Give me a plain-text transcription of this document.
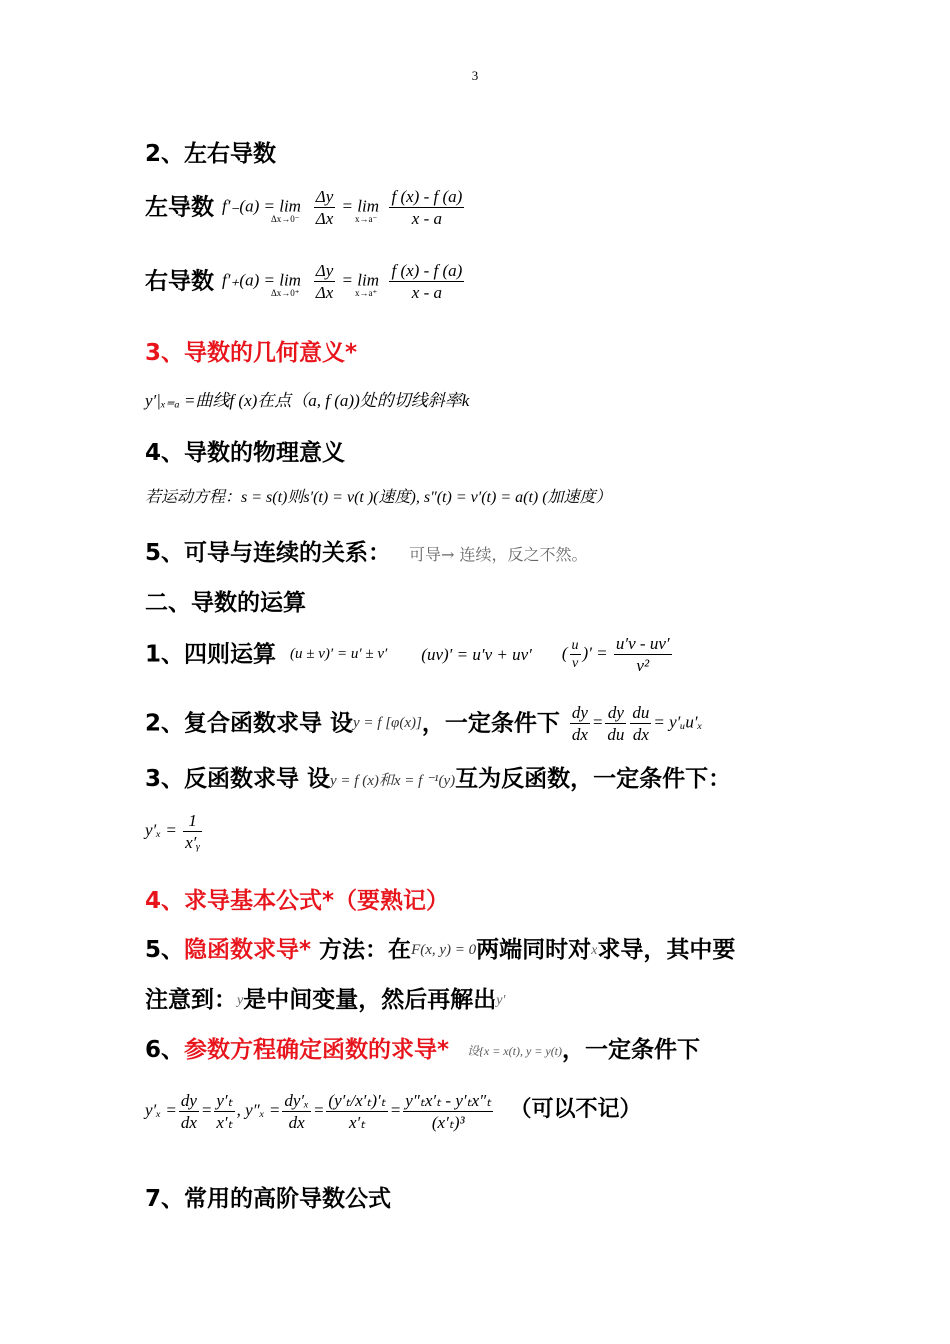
3
2、左右导数
左导数 $f'_-(a) = \lim_{\Delta x\to 0^-} \frac{\Delta y}{\Delta x} = \lim_{x\to a^-} \frac{f (x) - f (a)}{x - a}$
右导数 $f'_+(a) = \lim_{\Delta x\to 0^+} \frac{\Delta y}{\Delta x} = \lim_{x\to a^+} \frac{f (x) - f (a)}{x - a}$
3、导数的几何意义*
y′|ₓ₌ₐ =曲线f (x)在点（a, f (a))处的切线斜率k
4、导数的物理意义
若运动方程：s = s(t)则s′(t) = v(t )(速度), s″(t) = v′(t) = a(t) (加速度）
5、可导与连续的关系： 可导→ 连续，反之不然。
二、导数的运算
1、四则运算 (u ± v)′ = u′ ± v′ (uv)′ = u′v + uv′ ( $\frac{u}{v}$ )′ = $\frac{u'v - uv'}{\text{v²}}$
2、复合函数求导 设y = f [φ(x)]，一定条件下 $\frac{dy}{dx} = \frac{dy}{du} \frac{du}{dx}$ = y′ᵤu′ₓ
3、反函数求导 设y = f (x)和x = f ⁻¹(y)互为反函数，一定条件下：
$y'_x = \frac{1}{\text{x′ᵧ}}$
4、求导基本公式*（要熟记）
5、隐函数求导* 方法：在F(x, y) = 0两端同时对x求导，其中要
注意到：y是中间变量，然后再解出y′
6、参数方程确定函数的求导* 设{x = x(t), y = y(t)，一定条件下
$y'_x = \frac{dy}{dx} = \frac{\text{y′ₜ}}{\text{x′ₜ}}$ , $y''_x = \frac{\text{dy′ₓ}}{dx} = \frac{\text{(y′ₜ/x′ₜ)′ₜ}}{\text{x′ₜ}} = \frac{\text{y″ₜx′ₜ - y′ₜx″ₜ}}{\text{(x′ₜ)³}}$ （可以不记）
7、常用的高阶导数公式
